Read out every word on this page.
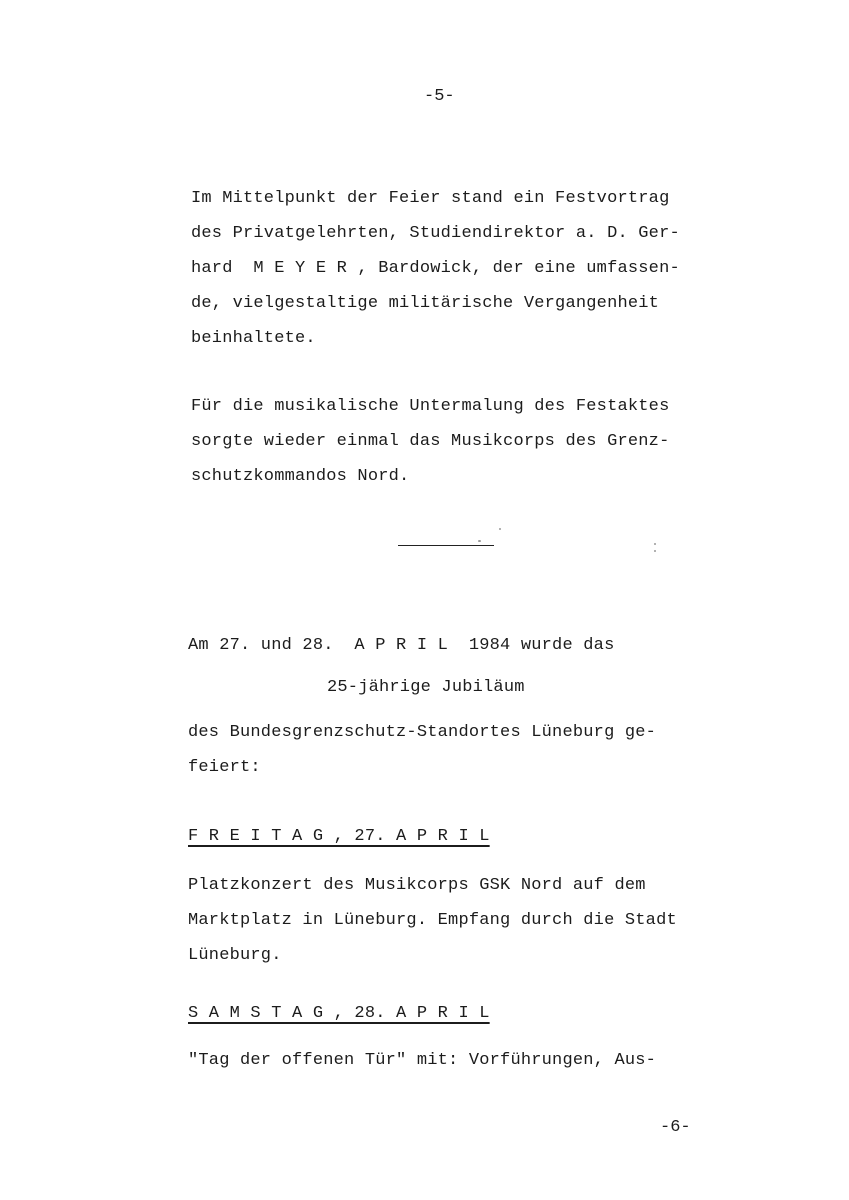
-5-
Im Mittelpunkt der Feier stand ein Festvortrag
des Privatgelehrten, Studiendirektor a. D. Ger-
hard  M E Y E R , Bardowick, der eine umfassen-
de, vielgestaltige militärische Vergangenheit
beinhaltete.
Für die musikalische Untermalung des Festaktes
sorgte wieder einmal das Musikcorps des Grenz-
schutzkommandos Nord.
Am 27. und 28.  A P R I L  1984 wurde das
25-jährige Jubiläum
des Bundesgrenzschutz-Standortes Lüneburg ge-
feiert:
F R E I T A G , 27. A P R I L
Platzkonzert des Musikcorps GSK Nord auf dem
Marktplatz in Lüneburg. Empfang durch die Stadt
Lüneburg.
S A M S T A G , 28. A P R I L
"Tag der offenen Tür" mit: Vorführungen, Aus-
-6-
